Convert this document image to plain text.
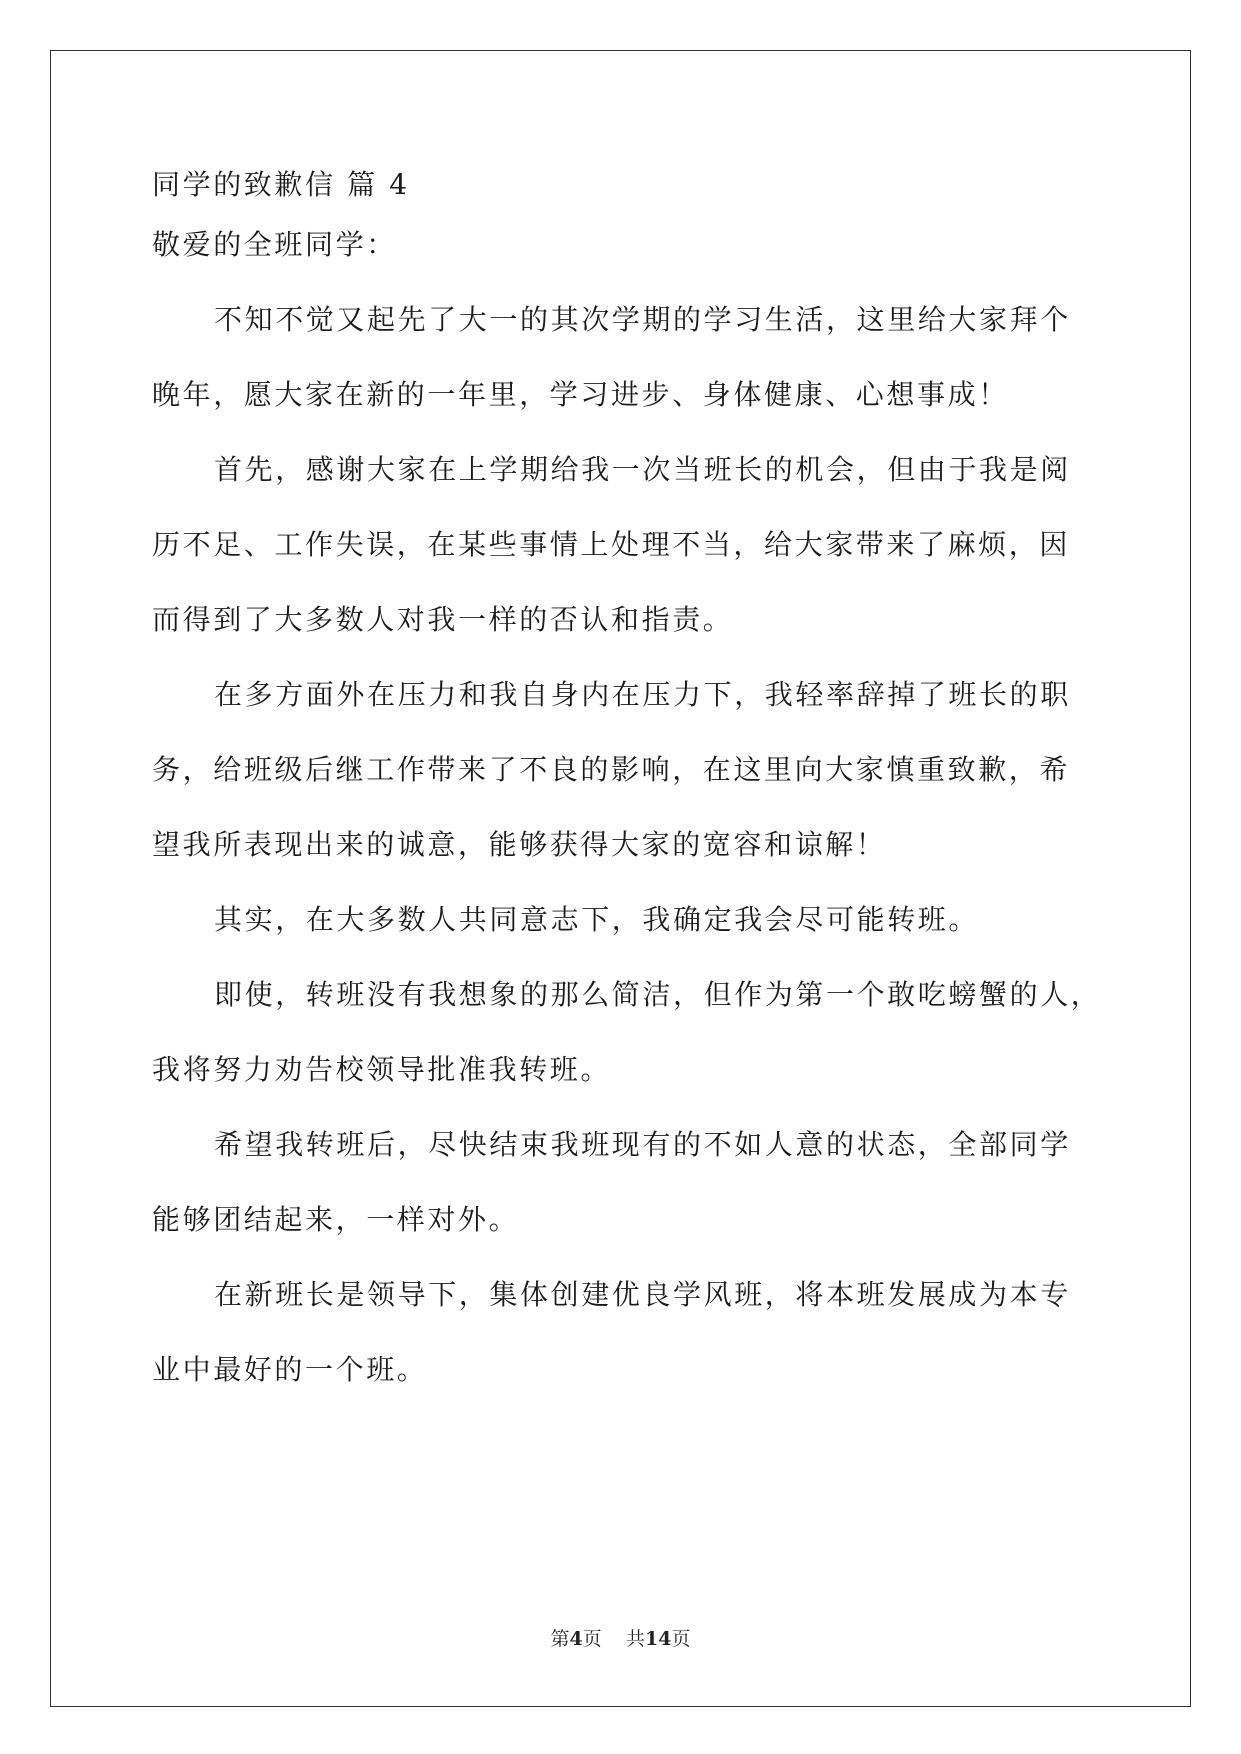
同学的致歉信 篇 4
敬爱的全班同学：
不知不觉又起先了大一的其次学期的学习生活，这里给大家拜个
晚年，愿大家在新的一年里，学习进步、身体健康、心想事成！
首先，感谢大家在上学期给我一次当班长的机会，但由于我是阅
历不足、工作失误，在某些事情上处理不当，给大家带来了麻烦，因
而得到了大多数人对我一样的否认和指责。
在多方面外在压力和我自身内在压力下，我轻率辞掉了班长的职
务，给班级后继工作带来了不良的影响，在这里向大家慎重致歉，希
望我所表现出来的诚意，能够获得大家的宽容和谅解！
其实，在大多数人共同意志下，我确定我会尽可能转班。
即使，转班没有我想象的那么简洁，但作为第一个敢吃螃蟹的人，
我将努力劝告校领导批准我转班。
希望我转班后，尽快结束我班现有的不如人意的状态，全部同学
能够团结起来，一样对外。
在新班长是领导下，集体创建优良学风班，将本班发展成为本专
业中最好的一个班。
第4页 共14页
